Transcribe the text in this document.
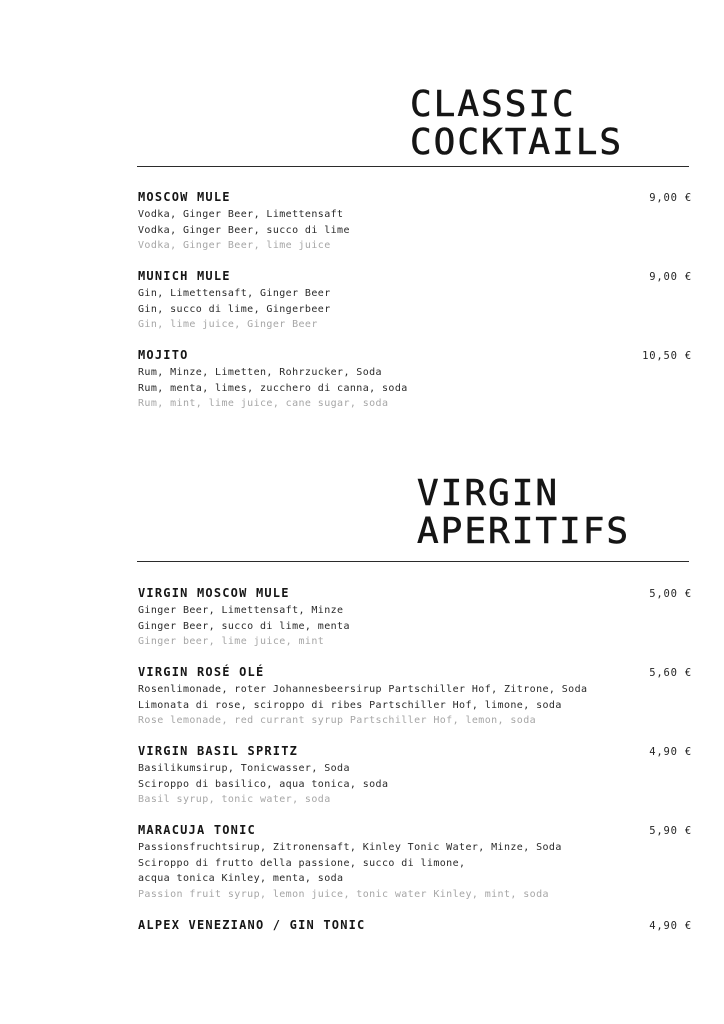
CLASSIC
COCKTAILS
MOSCOW MULE	9,00 €
Vodka, Ginger Beer, Limettensaft
Vodka, Ginger Beer, succo di lime
Vodka, Ginger Beer, lime juice
MUNICH MULE	9,00 €
Gin, Limettensaft, Ginger Beer
Gin, succo di lime, Gingerbeer
Gin, lime juice, Ginger Beer
MOJITO	10,50 €
Rum, Minze, Limetten, Rohrzucker, Soda
Rum, menta, limes, zucchero di canna, soda
Rum, mint, lime juice, cane sugar, soda
VIRGIN
APERITIFS
VIRGIN MOSCOW MULE	5,00 €
Ginger Beer, Limettensaft, Minze
Ginger Beer, succo di lime, menta
Ginger beer, lime juice, mint
VIRGIN ROSÉ OLÉ	5,60 €
Rosenlimonade, roter Johannesbeersirup Partschiller Hof, Zitrone, Soda
Limonata di rose, sciroppo di ribes Partschiller Hof, limone, soda
Rose lemonade, red currant syrup Partschiller Hof, lemon, soda
VIRGIN BASIL SPRITZ	4,90 €
Basilikumsirup, Tonicwasser, Soda
Sciroppo di basilico, aqua tonica, soda
Basil syrup, tonic water, soda
MARACUJA TONIC	5,90 €
Passionsfruchtsirup, Zitronensaft, Kinley Tonic Water, Minze, Soda
Sciroppo di frutto della passione, succo di limone,
acqua tonica Kinley, menta, soda
Passion fruit syrup, lemon juice, tonic water Kinley, mint, soda
ALPEX VENEZIANO / GIN TONIC	4,90 €
